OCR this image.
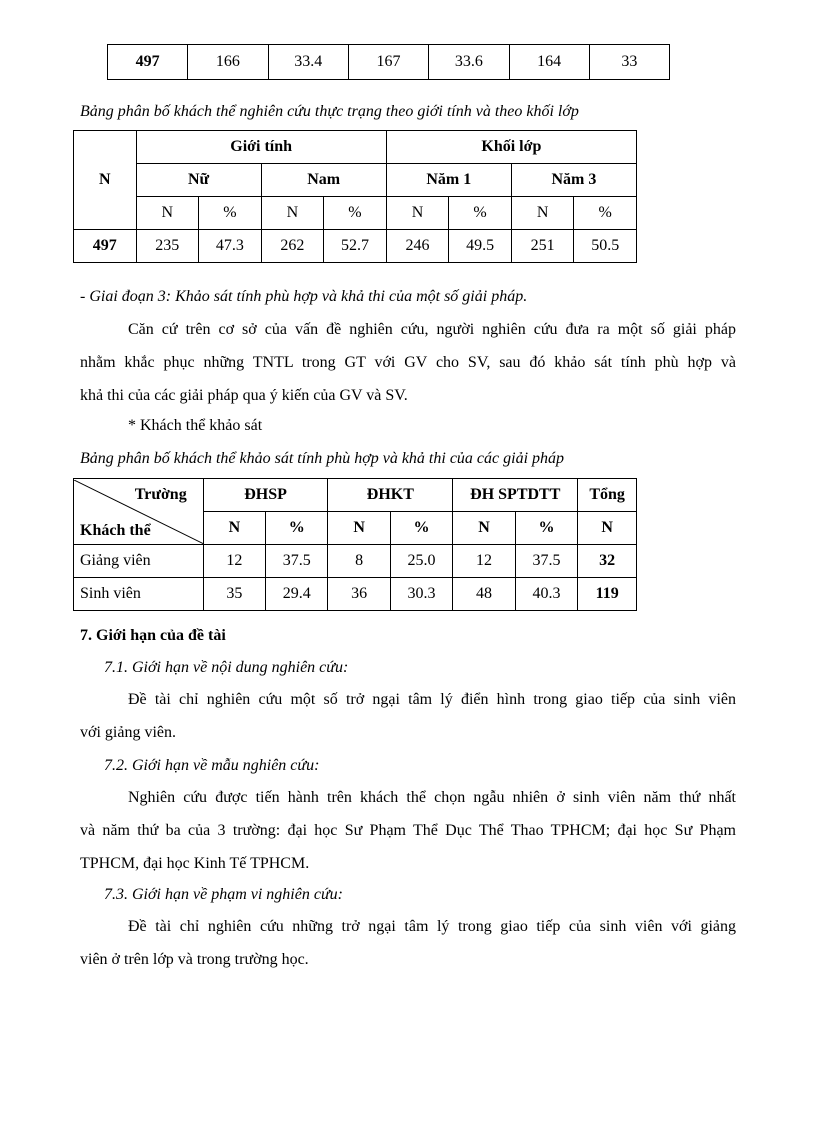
497	166	33.4	167	33.6	164	33
Bảng phân bố khách thể nghiên cứu thực trạng theo giới tính và theo khối lớp
N	Giới tính				Khối lớp			
	Nữ		Nam		Năm 1		Năm 3	
	N	%	N	%	N	%	N	%
497	235	47.3	262	52.7	246	49.5	251	50.5
- Giai đoạn 3: Khảo sát tính phù hợp và khả thi của một số giải pháp.
Căn cứ trên cơ sở của vấn đề nghiên cứu, người nghiên cứu đưa ra một số giải pháp
nhằm khắc phục những TNTL trong GT với GV cho SV, sau đó khảo sát tính phù hợp và
khả thi của các giải pháp qua ý kiến của GV và SV.
* Khách thể khảo sát
Bảng phân bố khách thể khảo sát tính phù hợp và khả thi của các giải pháp
Trường
Khách thể	ĐHSP		ĐHKT		ĐH SPTDTT		Tổng
	N	%	N	%	N	%	N
Giảng viên	12	37.5	8	25.0	12	37.5	32
Sinh viên	35	29.4	36	30.3	48	40.3	119
7. Giới hạn của đề tài
7.1. Giới hạn về nội dung nghiên cứu:
Đề tài chỉ nghiên cứu một số trở ngại tâm lý điển hình trong giao tiếp của sinh viên
với giảng viên.
7.2. Giới hạn về mẫu nghiên cứu:
Nghiên cứu được tiến hành trên khách thể chọn ngẫu nhiên ở sinh viên năm thứ nhất
và năm thứ ba của 3 trường: đại học Sư Phạm Thể Dục Thể Thao TPHCM; đại học Sư Phạm
TPHCM, đại học Kinh Tế TPHCM.
7.3. Giới hạn về phạm vi nghiên cứu:
Đề tài chỉ nghiên cứu những trở ngại tâm lý trong giao tiếp của sinh viên với giảng
viên ở trên lớp và trong trường học.
